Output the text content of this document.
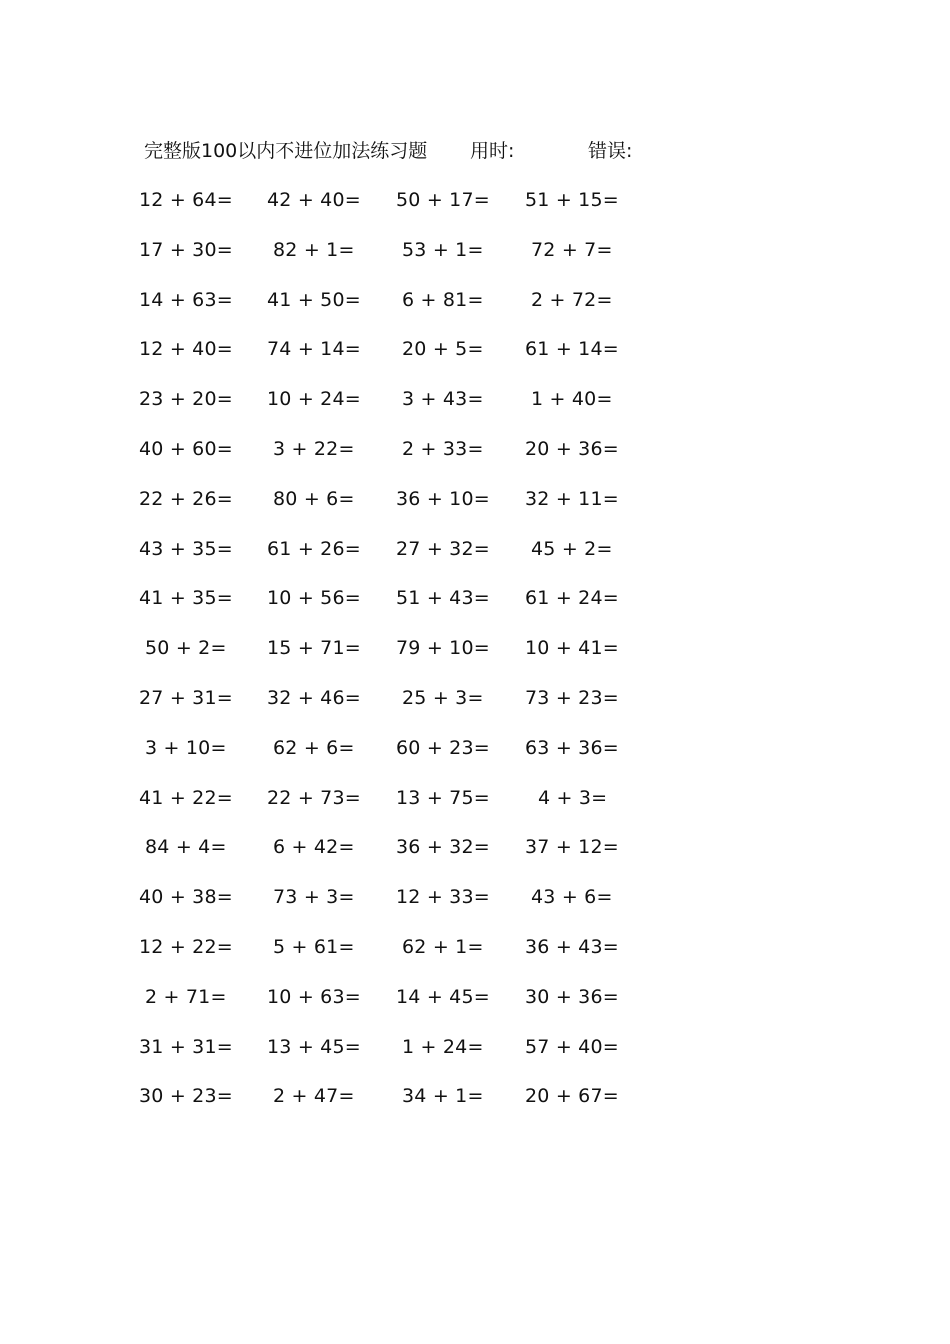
完整版100以内不进位加法练习题 用时:	错误:
12 + 64= 42 + 40= 50 + 17= 51 + 15=
17 + 30= 82 + 1= 53 + 1= 72 + 7=
14 + 63= 41 + 50= 6 + 81= 2 + 72=
12 + 40= 74 + 14= 20 + 5= 61 + 14=
23 + 20= 10 + 24= 3 + 43= 1 + 40=
40 + 60= 3 + 22= 2 + 33= 20 + 36=
22 + 26= 80 + 6= 36 + 10= 32 + 11=
43 + 35= 61 + 26= 27 + 32= 45 + 2=
41 + 35= 10 + 56= 51 + 43= 61 + 24=
50 + 2= 15 + 71= 79 + 10= 10 + 41=
27 + 31= 32 + 46= 25 + 3= 73 + 23=
3 + 10= 62 + 6= 60 + 23= 63 + 36=
41 + 22= 22 + 73= 13 + 75=	4 + 3=
84 + 4= 6 + 42= 36 + 32= 37 + 12=
40 + 38= 73 + 3= 12 + 33= 43 + 6=
12 + 22= 5 + 61= 62 + 1= 36 + 43=
2 + 71= 10 + 63= 14 + 45= 30 + 36=
31 + 31= 13 + 45= 1 + 24= 57 + 40=
30 + 23= 2 + 47= 34 + 1= 20 + 67=
